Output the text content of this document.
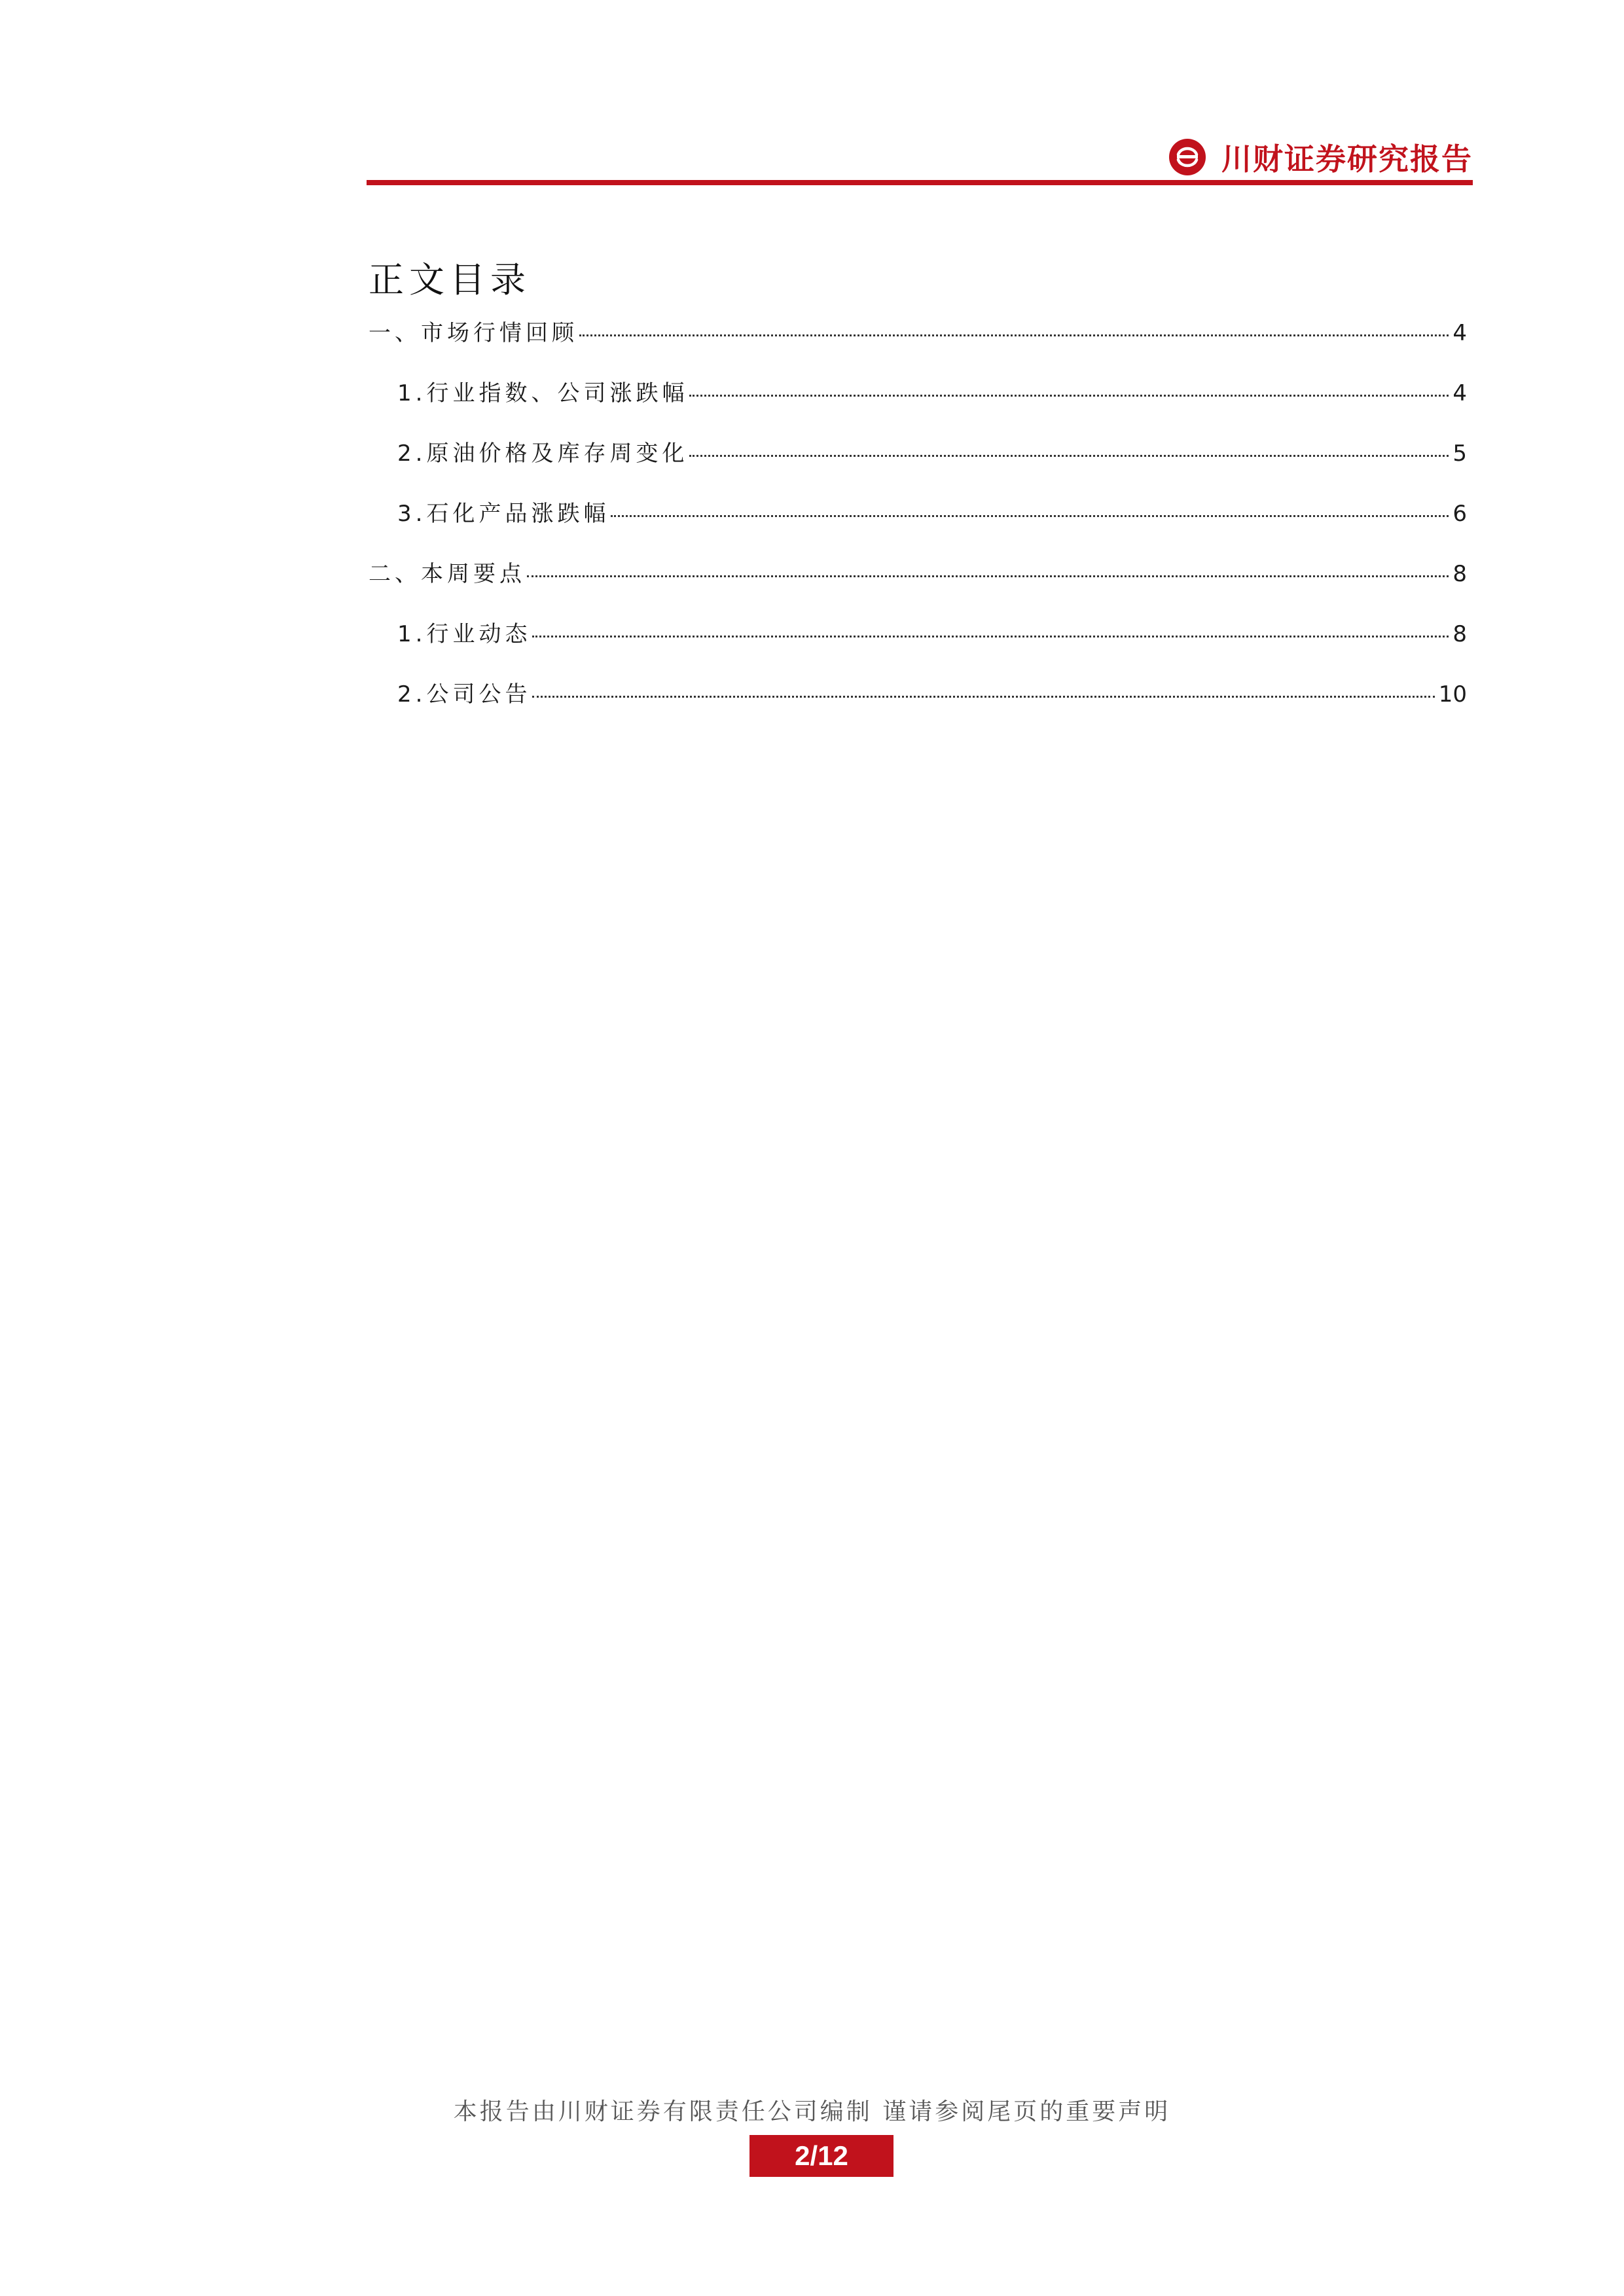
川财证券研究报告
正文目录
一、市场行情回顾	4
1.行业指数、公司涨跌幅	4
2.原油价格及库存周变化	5
3.石化产品涨跌幅	6
二、本周要点	8
1.行业动态	8
2.公司公告	10
本报告由川财证券有限责任公司编制 谨请参阅尾页的重要声明
2/12
